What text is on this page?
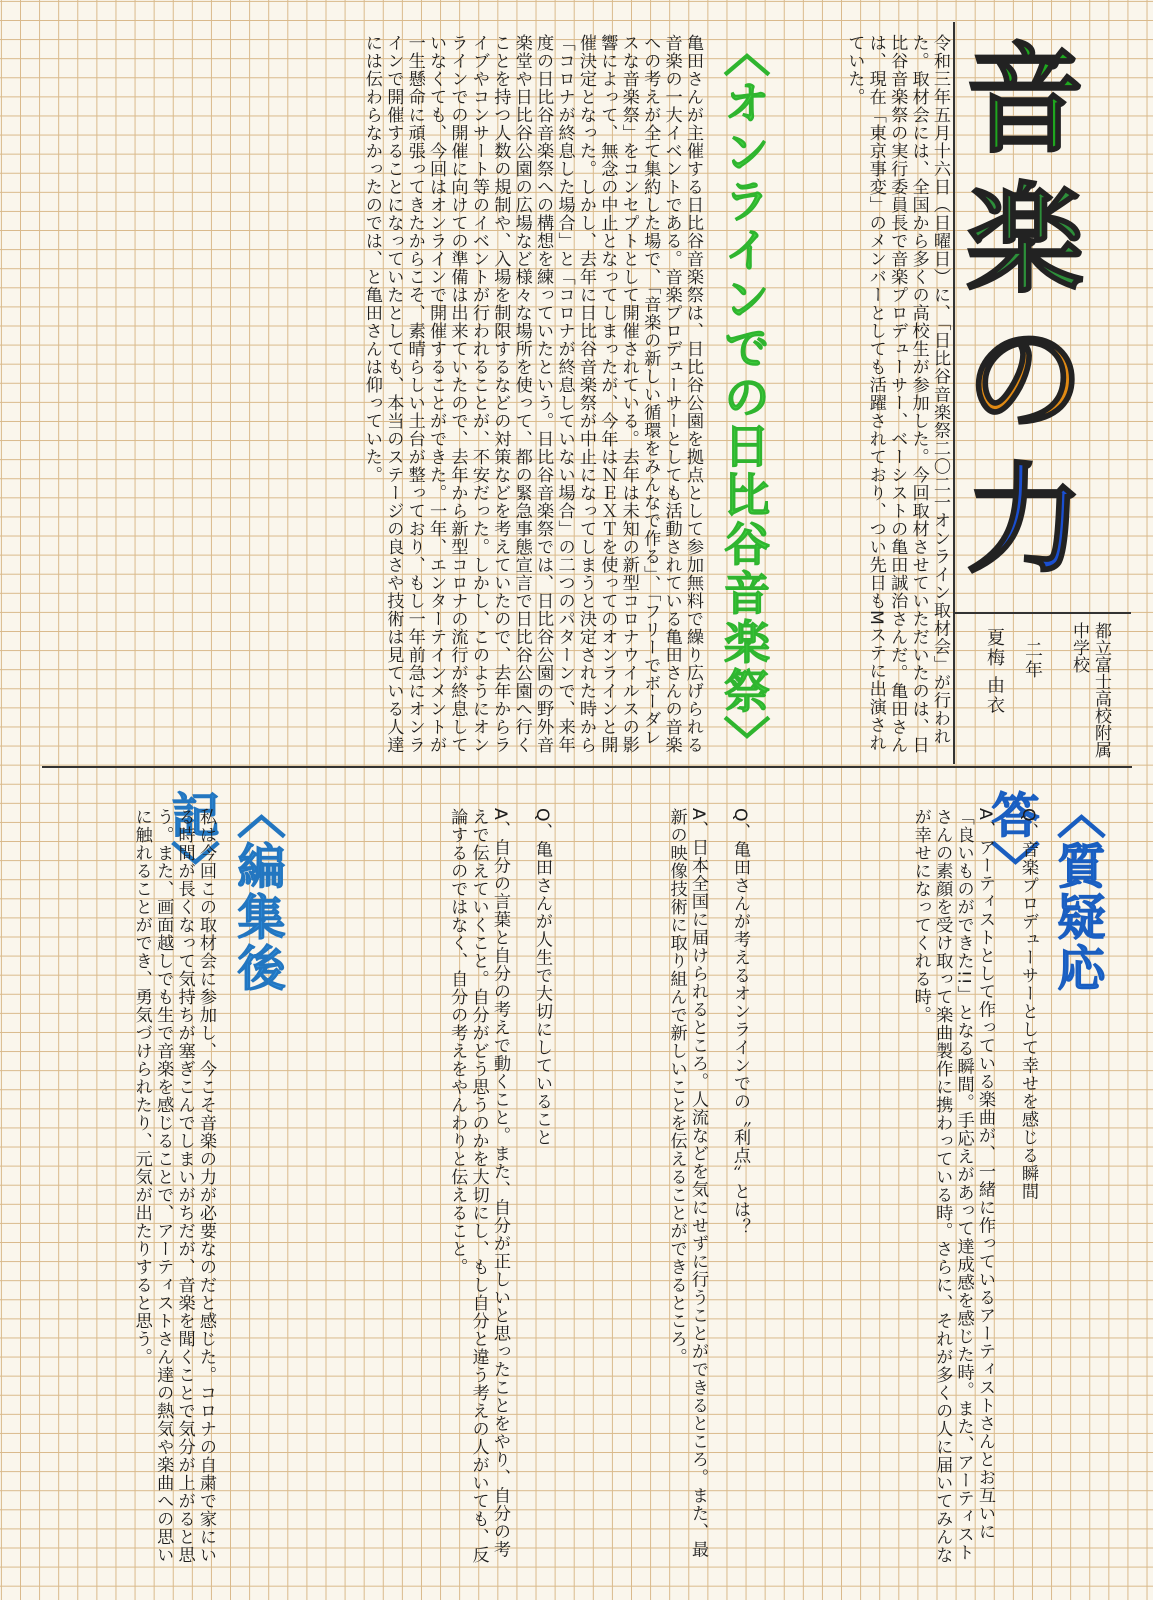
音
楽
の
力
都立富士高校附属中学校
二年
夏梅 由衣
令和三年五月十六日（日曜日）に、「日比谷音楽祭二〇二一オンライン取材会」が行われた。取材会には、全国から多くの高校生が参加した。今回取材させていただいたのは、日比谷音楽祭の実行委員長で音楽プロデューサー、ベーシストの亀田誠治さんだ。亀田さんは、現在「東京事変」のメンバーとしても活躍されており、つい先日もMステに出演されていた。
〈オンラインでの日比谷音楽祭〉
亀田さんが主催する日比谷音楽祭は、日比谷公園を拠点として参加無料で繰り広げられる音楽の一大イベントである。音楽プロデューサーとしても活動されている亀田さんの音楽への考えが全て集約した場で、「音楽の新しい循環をみんなで作る」、「フリーでボーダレスな音楽祭」をコンセプトとして開催されている。去年は未知の新型コロナウイルスの影響によって、無念の中止となってしまったが、今年はＮＥＸＴを使ってのオンラインと開催決定となった。しかし、去年に日比谷音楽祭が中止になってしまうと決定された時から「コロナが終息した場合」と「コロナが終息していない場合」の二つのパターンで、来年度の日比谷音楽祭への構想を練っていたという。日比谷音楽祭では、日比谷公園の野外音楽堂や日比谷公園の広場など様々な場所を使って、都の緊急事態宣言で日比谷公園へ行くことを持つ人数の規制や、入場を制限するなどの対策などを考えていたので、去年からライブやコンサート等のイベントが行われることが、不安だった。しかし、このようにオンラインでの開催に向けての準備は出来ていたので、去年から新型コロナの流行が終息していなくても、今回はオンラインで開催することができた。一年、エンターテインメントが一生懸命に頑張ってきたからこそ、素晴らしい土台が整っており、もし一年前急にオンラインで開催することになっていたとしても、本当のステージの良さや技術は見ている人達には伝わらなかったのでは、と亀田さんは仰っていた。
〈質疑応答〉
Q、音楽プロデューサーとして幸せを感じる瞬間
A、アーティストとして作っている楽曲が、一緒に作っているアーティストさんとお互いに「良いものができた!!」となる瞬間。手応えがあって達成感を感じた時。また、アーティストさんの素顔を受け取って楽曲製作に携わっている時。さらに、それが多くの人に届いてみんなが幸せになってくれる時。
Q、亀田さんが考えるオンラインでの〝利点〟とは？
A、日本全国に届けられるところ。人流などを気にせずに行うことができるところ。また、最新の映像技術に取り組んで新しいことを伝えることができるところ。
Q、亀田さんが人生で大切にしていること
A、自分の言葉と自分の考えで動くこと。また、自分が正しいと思ったことをやり、自分の考えで伝えていくこと。自分がどう思うのかを大切にし、もし自分と違う考えの人がいても、反論するのではなく、自分の考えをやんわりと伝えること。
〈編集後記〉
私は今回この取材会に参加し、今こそ音楽の力が必要なのだと感じた。コロナの自粛で家にいる時間が長くなって気持ちが塞ぎこんでしまいがちだが、音楽を聞くことで気分が上がると思う。また、画面越しでも生で音楽を感じることで、アーティストさん達の熱気や楽曲への思いに触れることができ、勇気づけられたり、元気が出たりすると思う。
